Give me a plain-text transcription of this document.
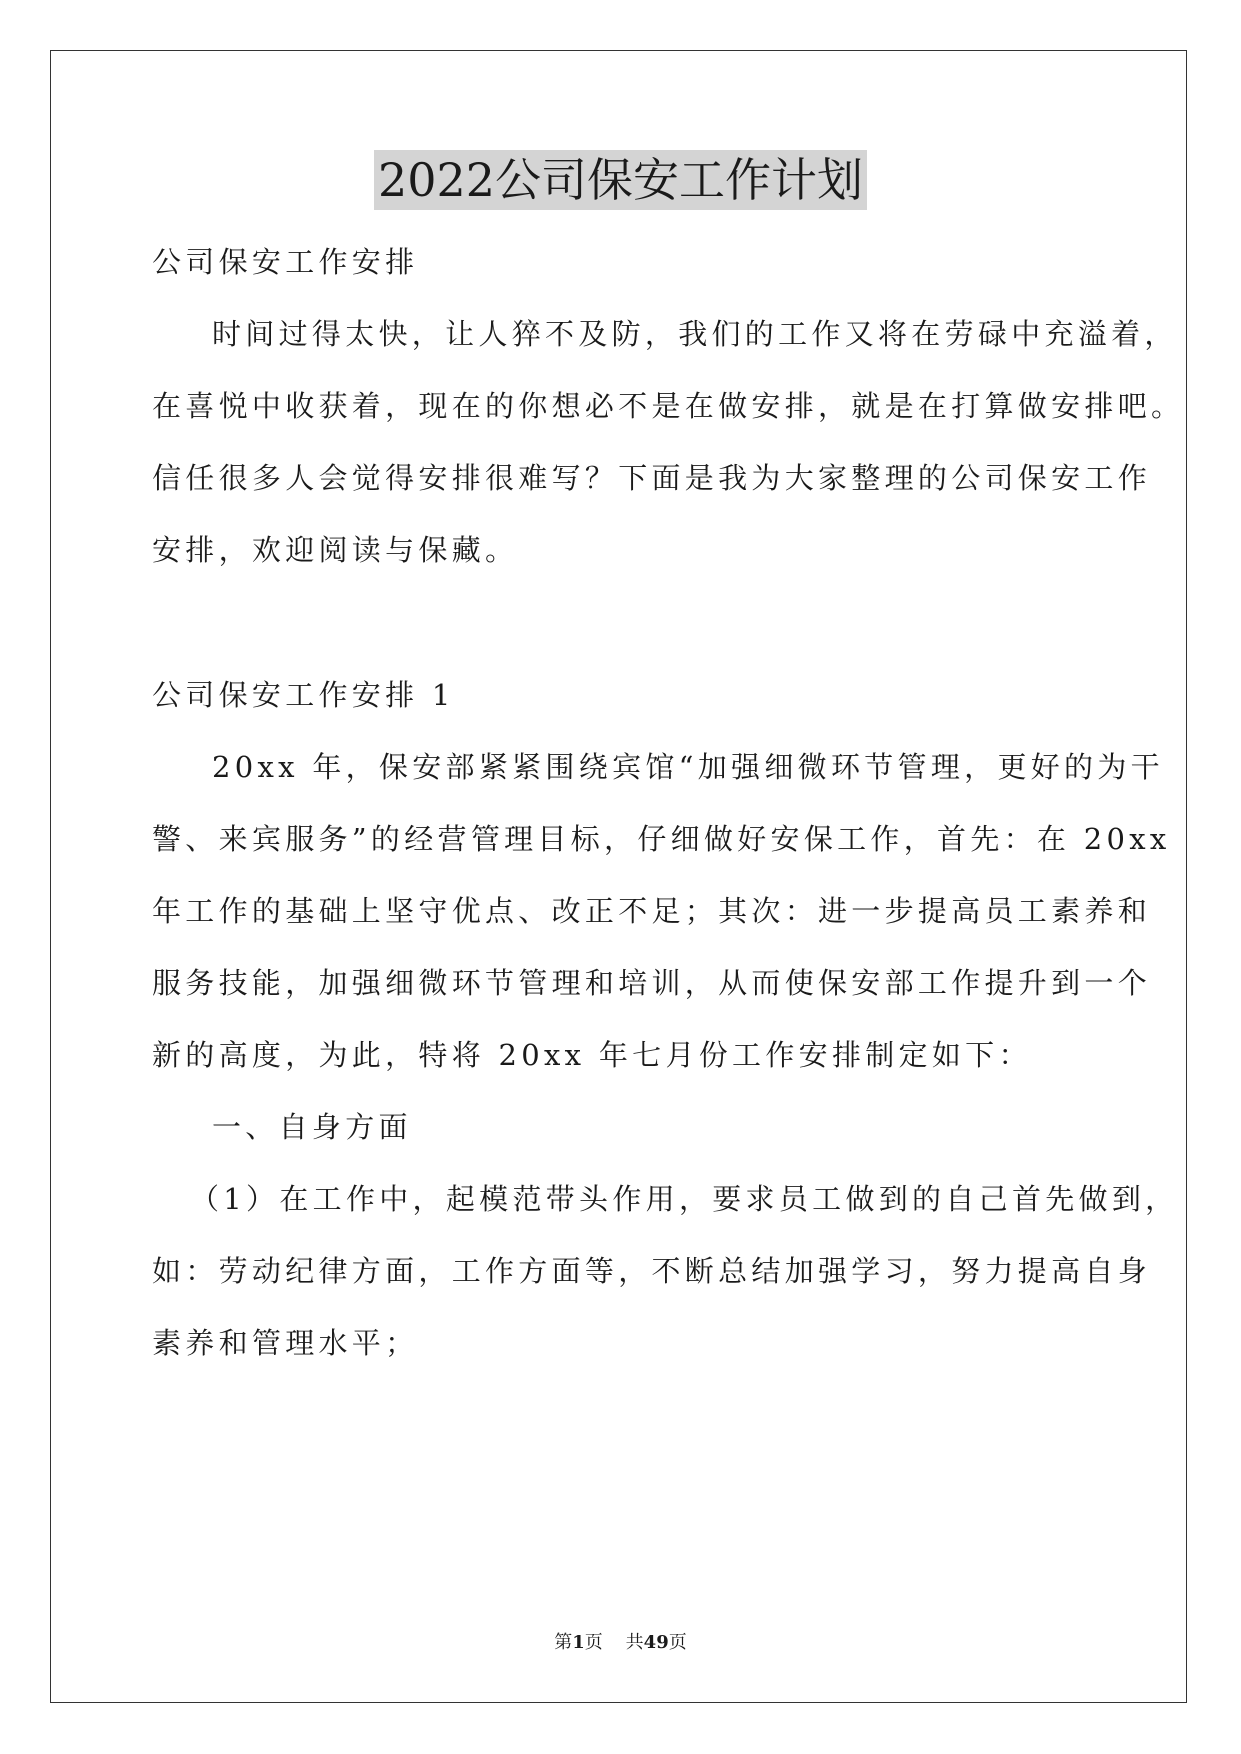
2022公司保安工作计划
公司保安工作安排
时间过得太快，让人猝不及防，我们的工作又将在劳碌中充溢着，
在喜悦中收获着，现在的你想必不是在做安排，就是在打算做安排吧。
信任很多人会觉得安排很难写？下面是我为大家整理的公司保安工作
安排，欢迎阅读与保藏。
公司保安工作安排 1
20xx 年，保安部紧紧围绕宾馆“加强细微环节管理，更好的为干
警、来宾服务”的经营管理目标，仔细做好安保工作，首先：在 20xx
年工作的基础上坚守优点、改正不足；其次：进一步提高员工素养和
服务技能，加强细微环节管理和培训，从而使保安部工作提升到一个
新的高度，为此，特将 20xx 年七月份工作安排制定如下：
一、自身方面
（1）在工作中，起模范带头作用，要求员工做到的自己首先做到，
如：劳动纪律方面，工作方面等，不断总结加强学习，努力提高自身
素养和管理水平；
第1页    共49页
